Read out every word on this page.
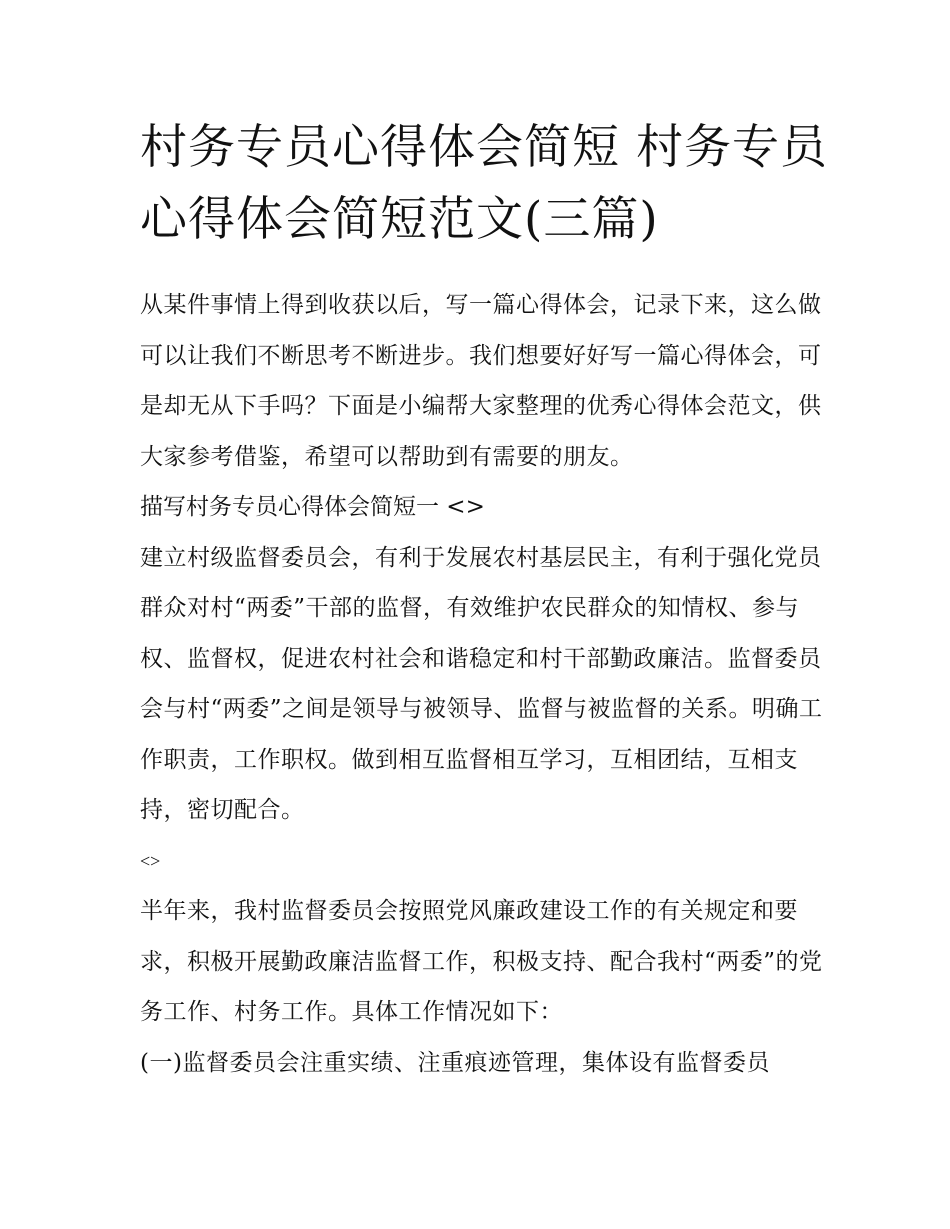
村务专员心得体会简短 村务专员心得体会简短范文(三篇)

从某件事情上得到收获以后，写一篇心得体会，记录下来，这么做可以让我们不断思考不断进步。我们想要好好写一篇心得体会，可是却无从下手吗？下面是小编帮大家整理的优秀心得体会范文，供大家参考借鉴，希望可以帮助到有需要的朋友。

描写村务专员心得体会简短一 <>

建立村级监督委员会，有利于发展农村基层民主，有利于强化党员群众对村“两委”干部的监督，有效维护农民群众的知情权、参与权、监督权，促进农村社会和谐稳定和村干部勤政廉洁。监督委员会与村“两委”之间是领导与被领导、监督与被监督的关系。明确工作职责，工作职权。做到相互监督相互学习，互相团结，互相支持，密切配合。

<>

半年来，我村监督委员会按照党风廉政建设工作的有关规定和要求，积极开展勤政廉洁监督工作，积极支持、配合我村“两委”的党务工作、村务工作。具体工作情况如下：

(一)监督委员会注重实绩、注重痕迹管理，集体设有监督委员
